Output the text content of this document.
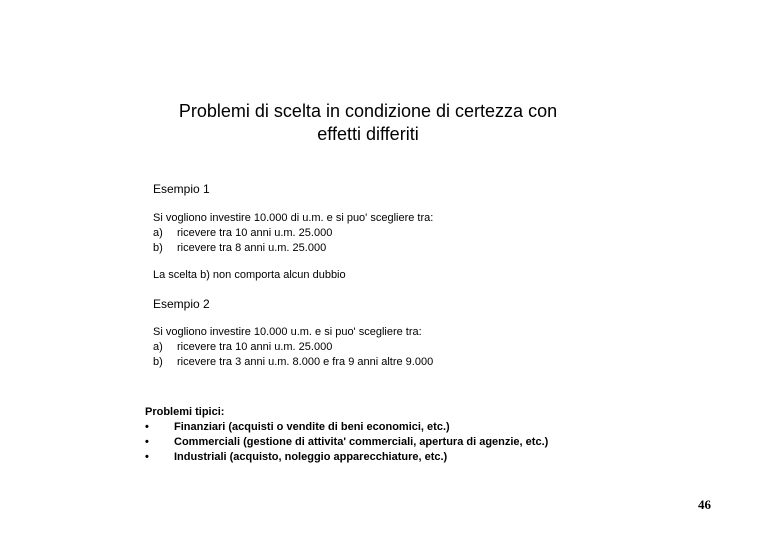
Problemi di scelta in condizione di certezza con
effetti differiti
Esempio 1
Si vogliono investire 10.000 di u.m. e si puo' scegliere tra:
a) ricevere tra 10 anni u.m. 25.000
b) ricevere tra 8 anni u.m. 25.000
La scelta b) non comporta alcun dubbio
Esempio 2
Si vogliono investire 10.000 u.m. e si puo' scegliere tra:
a) ricevere tra 10 anni u.m. 25.000
b) ricevere tra 3 anni u.m. 8.000 e fra 9 anni altre 9.000
Problemi tipici:
• Finanziari (acquisti o vendite di beni economici, etc.)
• Commerciali (gestione di attivita' commerciali, apertura di agenzie, etc.)
• Industriali (acquisto, noleggio apparecchiature, etc.)
46
